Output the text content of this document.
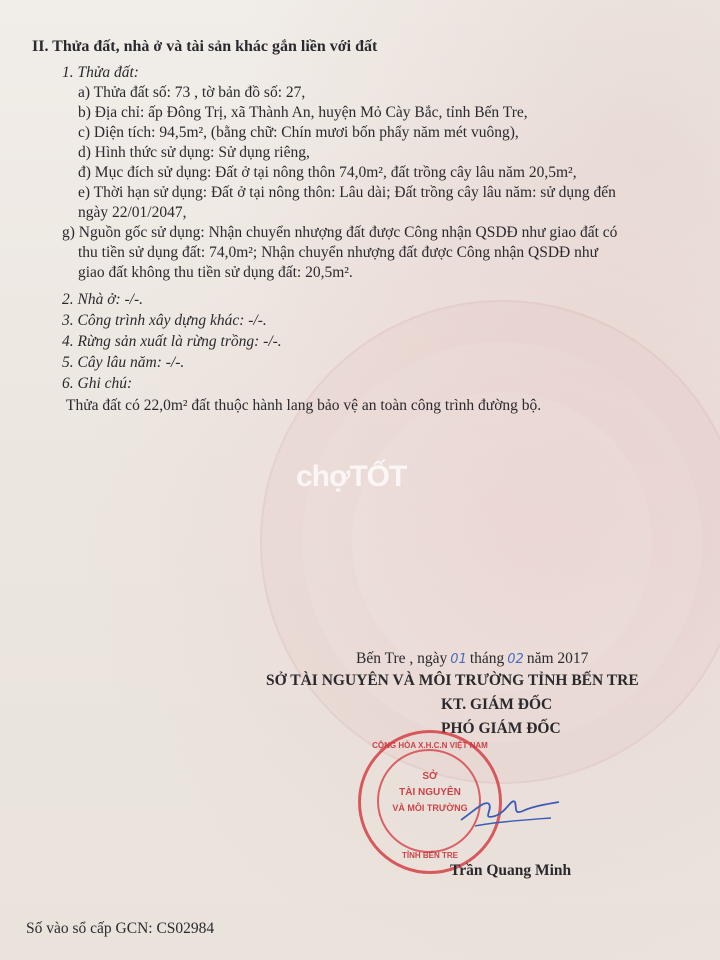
II. Thửa đất, nhà ở và tài sản khác gắn liền với đất
1. Thửa đất:
a) Thửa đất số: 73 , tờ bản đồ số: 27,
b) Địa chỉ: ấp Đông Trị, xã Thành An, huyện Mỏ Cày Bắc, tỉnh Bến Tre,
c) Diện tích: 94,5m², (bằng chữ: Chín mươi bốn phẩy năm mét vuông),
d) Hình thức sử dụng: Sử dụng riêng,
đ) Mục đích sử dụng: Đất ở tại nông thôn 74,0m², đất trồng cây lâu năm 20,5m²,
e) Thời hạn sử dụng: Đất ở tại nông thôn: Lâu dài; Đất trồng cây lâu năm: sử dụng đến
ngày 22/01/2047,
g) Nguồn gốc sử dụng: Nhận chuyển nhượng đất được Công nhận QSDĐ như giao đất có
thu tiền sử dụng đất: 74,0m²; Nhận chuyển nhượng đất được Công nhận QSDĐ như
giao đất không thu tiền sử dụng đất: 20,5m².
2. Nhà ở: -/-.
3. Công trình xây dựng khác: -/-.
4. Rừng sản xuất là rừng trồng: -/-.
5. Cây lâu năm: -/-.
6. Ghi chú:
Thửa đất có 22,0m² đất thuộc hành lang bảo vệ an toàn công trình đường bộ.
chợTỐT
Bến Tre , ngày 01 tháng 02 năm 2017
SỞ TÀI NGUYÊN VÀ MÔI TRƯỜNG TỈNH BẾN TRE
KT. GIÁM ĐỐC
PHÓ GIÁM ĐỐC
CỘNG HÒA X.H.C.N VIỆT NAM
SỞ
TÀI NGUYÊN
VÀ MÔI TRƯỜNG
TỈNH BẾN TRE
Trần Quang Minh
Số vào sổ cấp GCN: CS02984
